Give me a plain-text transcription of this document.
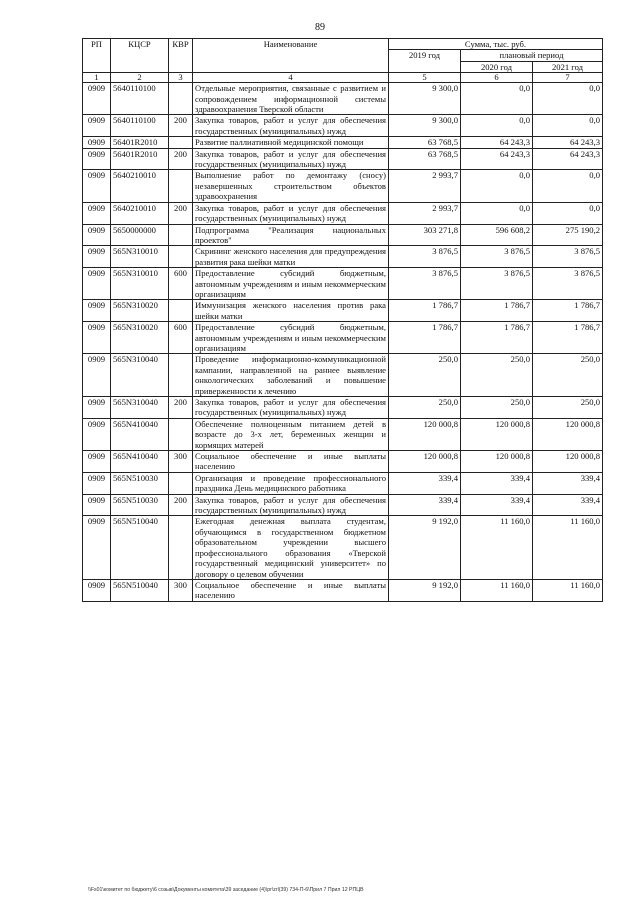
89
РП	КЦСР	КВР	Наименование	Сумма, тыс. руб.		
				2019 год	плановый период	
					2020 год	2021 год
1	2	3	4	5	6	7
0909	5640110100		Отдельные мероприятия, связанные с развитием и сопровождением информационной системы здравоохранения Тверской области	9 300,0	0,0	0,0
0909	5640110100	200	Закупка товаров, работ и услуг для обеспечения государственных (муниципальных) нужд	9 300,0	0,0	0,0
0909	56401R2010		Развитие паллиативной медицинской помощи	63 768,5	64 243,3	64 243,3
0909	56401R2010	200	Закупка товаров, работ и услуг для обеспечения государственных (муниципальных) нужд	63 768,5	64 243,3	64 243,3
0909	5640210010		Выполнение работ по демонтажу (сносу) незавершенных строительством объектов здравоохранения	2 993,7	0,0	0,0
0909	5640210010	200	Закупка товаров, работ и услуг для обеспечения государственных (муниципальных) нужд	2 993,7	0,0	0,0
0909	5650000000		Подпрограмма "Реализация национальных проектов"	303 271,8	596 608,2	275 190,2
0909	565N310010		Скрининг женского населения для предупреждения развития рака шейки матки	3 876,5	3 876,5	3 876,5
0909	565N310010	600	Предоставление субсидий бюджетным, автономным учреждениям и иным некоммерческим организациям	3 876,5	3 876,5	3 876,5
0909	565N310020		Иммунизация женского населения против рака шейки матки	1 786,7	1 786,7	1 786,7
0909	565N310020	600	Предоставление субсидий бюджетным, автономным учреждениям и иным некоммерческим организациям	1 786,7	1 786,7	1 786,7
0909	565N310040		Проведение информационно-коммуникационной кампании, направленной на раннее выявление онкологических заболеваний и повышение приверженности к лечению	250,0	250,0	250,0
0909	565N310040	200	Закупка товаров, работ и услуг для обеспечения государственных (муниципальных) нужд	250,0	250,0	250,0
0909	565N410040		Обеспечение полноценным питанием детей в возрасте до 3-х лет, беременных женщин и кормящих матерей	120 000,8	120 000,8	120 000,8
0909	565N410040	300	Социальное обеспечение и иные выплаты населению	120 000,8	120 000,8	120 000,8
0909	565N510030		Организация и проведение профессионального праздника День медицинского работника	339,4	339,4	339,4
0909	565N510030	200	Закупка товаров, работ и услуг для обеспечения государственных (муниципальных) нужд	339,4	339,4	339,4
0909	565N510040		Ежегодная денежная выплата студентам, обучающимся в государственном бюджетном образовательном учреждении высшего профессионального образования «Тверской государственный медицинский университет» по договору о целевом обучении	9 192,0	11 160,0	11 160,0
0909	565N510040	300	Социальное обеспечение и иные выплаты населению	9 192,0	11 160,0	11 160,0
\\Fs01\комитет по бюджету\6 созыв\Документы комитета\39 заседание (4)\pr\zrl(39) 734-П-6\Прил 7 Прил 12 РПЦВ
